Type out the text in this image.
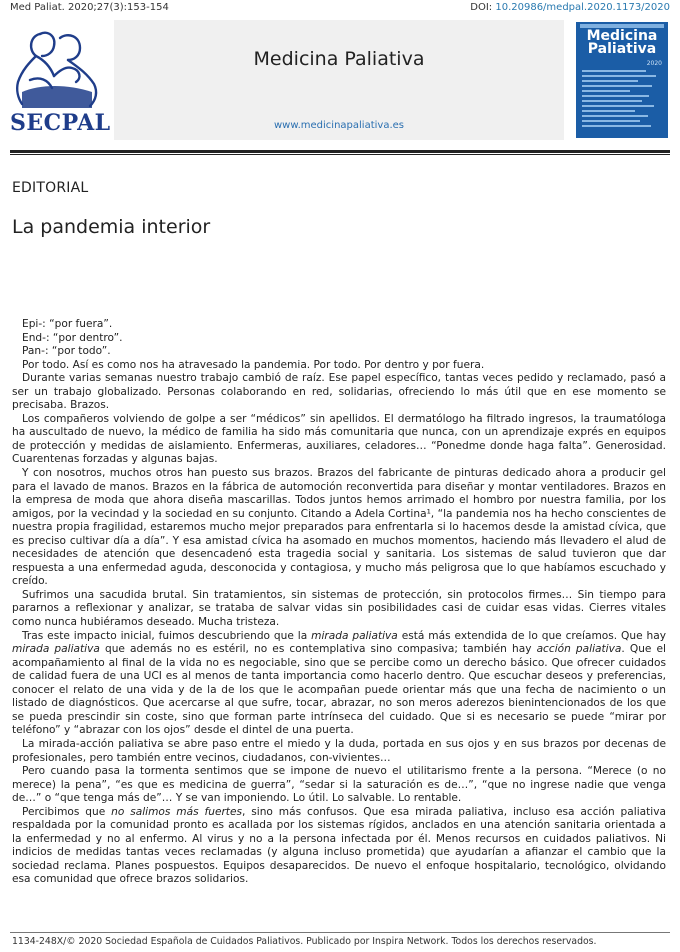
Med Paliat. 2020;27(3):153-154	DOI: 10.20986/medpal.2020.1173/2020
SECPAL
Medicina Paliativa
www.medicinapaliativa.es
Medicina
Paliativa
2020
EDITORIAL
La pandemia interior

Epi-: “por fuera”.

End-: “por dentro”.

Pan-: “por todo”.

Por todo. Así es como nos ha atravesado la pandemia. Por todo. Por dentro y por fuera.

Durante varias semanas nuestro trabajo cambió de raíz. Ese papel específico, tantas veces pedido y reclamado, pasó a ser un trabajo globalizado. Personas colaborando en red, solidarias, ofreciendo lo más útil que en ese momento se precisaba. Brazos.

Los compañeros volviendo de golpe a ser “médicos” sin apellidos. El dermatólogo ha filtrado ingresos, la traumatóloga ha auscultado de nuevo, la médico de familia ha sido más comunitaria que nunca, con un aprendizaje exprés en equipos de protección y medidas de aislamiento. Enfermeras, auxiliares, celadores… “Ponedme donde haga falta”. Generosidad. Cuarentenas forzadas y algunas bajas.

Y con nosotros, muchos otros han puesto sus brazos. Brazos del fabricante de pinturas dedicado ahora a producir gel para el lavado de manos. Brazos en la fábrica de automoción reconvertida para diseñar y montar ventiladores. Brazos en la empresa de moda que ahora diseña mascarillas. Todos juntos hemos arrimado el hombro por nuestra familia, por los amigos, por la vecindad y la sociedad en su conjunto. Citando a Adela Cortina¹, “la pandemia nos ha hecho conscientes de nuestra propia fragilidad, estaremos mucho mejor preparados para enfrentarla si lo hacemos desde la amistad cívica, que es preciso cultivar día a día”. Y esa amistad cívica ha asomado en muchos momentos, haciendo más llevadero el alud de necesidades de atención que desencadenó esta tragedia social y sanitaria. Los sistemas de salud tuvieron que dar respuesta a una enfermedad aguda, desconocida y contagiosa, y mucho más peligrosa que lo que habíamos escuchado y creído.

Sufrimos una sacudida brutal. Sin tratamientos, sin sistemas de protección, sin protocolos firmes… Sin tiempo para pararnos a reflexionar y analizar, se trataba de salvar vidas sin posibilidades casi de cuidar esas vidas. Cierres vitales como nunca hubiéramos deseado. Mucha tristeza.

Tras este impacto inicial, fuimos descubriendo que la mirada paliativa está más extendida de lo que creíamos. Que hay mirada paliativa que además no es estéril, no es contemplativa sino compasiva; también hay acción paliativa. Que el acompañamiento al final de la vida no es negociable, sino que se percibe como un derecho básico. Que ofrecer cuidados de calidad fuera de una UCI es al menos de tanta importancia como hacerlo dentro. Que escuchar deseos y preferencias, conocer el relato de una vida y de la de los que le acompañan puede orientar más que una fecha de nacimiento o un listado de diagnósticos. Que acercarse al que sufre, tocar, abrazar, no son meros aderezos bienintencionados de los que se pueda prescindir sin coste, sino que forman parte intrínseca del cuidado. Que si es necesario se puede “mirar por teléfono” y “abrazar con los ojos” desde el dintel de una puerta.

La mirada-acción paliativa se abre paso entre el miedo y la duda, portada en sus ojos y en sus brazos por decenas de profesionales, pero también entre vecinos, ciudadanos, con-vivientes…

Pero cuando pasa la tormenta sentimos que se impone de nuevo el utilitarismo frente a la persona. “Merece (o no merece) la pena”, “es que es medicina de guerra”, “sedar si la saturación es de…”, “que no ingrese nadie que venga de…” o “que tenga más de”… Y se van imponiendo. Lo útil. Lo salvable. Lo rentable.

Percibimos que no salimos más fuertes, sino más confusos. Que esa mirada paliativa, incluso esa acción paliativa respaldada por la comunidad pronto es acallada por los sistemas rígidos, anclados en una atención sanitaria orientada a la enfermedad y no al enfermo. Al virus y no a la persona infectada por él. Menos recursos en cuidados paliativos. Ni indicios de medidas tantas veces reclamadas (y alguna incluso prometida) que ayudarían a afianzar el cambio que la sociedad reclama. Planes pospuestos. Equipos desaparecidos. De nuevo el enfoque hospitalario, tecnológico, olvidando esa comunidad que ofrece brazos solidarios.

1134-248X/© 2020 Sociedad Española de Cuidados Paliativos. Publicado por Inspira Network. Todos los derechos reservados.
